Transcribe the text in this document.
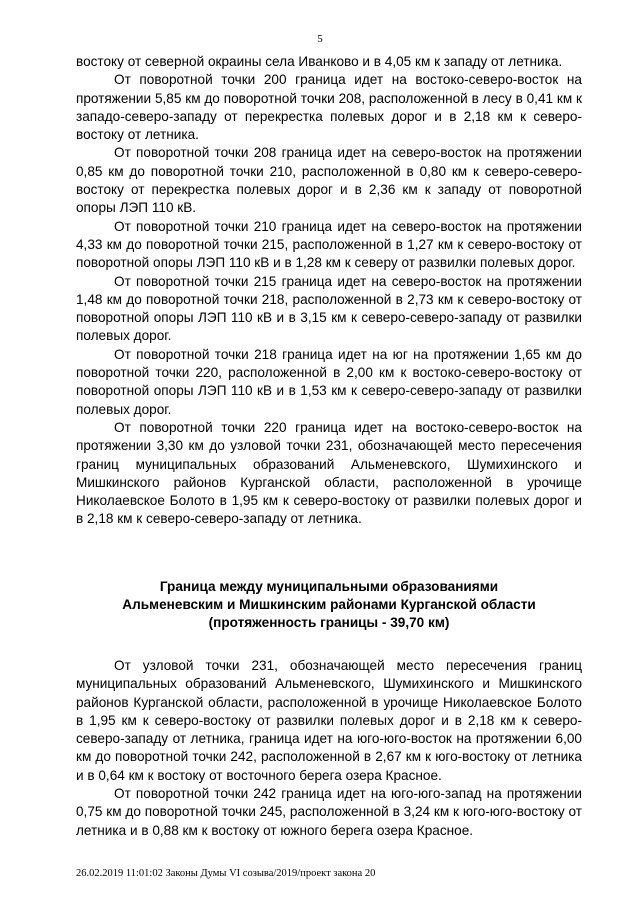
5

востоку от северной окраины села Иванково и в 4,05 км к западу от летника.

От поворотной точки 200 граница идет на востоко-северо-восток на протяжении 5,85 км до поворотной точки 208, расположенной в лесу в 0,41 км к западо-северо-западу от перекрестка полевых дорог и в 2,18 км к северо-востоку от летника.

От поворотной точки 208 граница идет на северо-восток на протяжении 0,85 км до поворотной точки 210, расположенной в 0,80 км к северо-северо-востоку от перекрестка полевых дорог и в 2,36 км к западу от поворотной опоры ЛЭП 110 кВ.

От поворотной точки 210 граница идет на северо-восток на протяжении 4,33 км до поворотной точки 215, расположенной в 1,27 км к северо-востоку от поворотной опоры ЛЭП 110 кВ и в 1,28 км к северу от развилки полевых дорог.

От поворотной точки 215 граница идет на северо-восток на протяжении 1,48 км до поворотной точки 218, расположенной в 2,73 км к северо-востоку от поворотной опоры ЛЭП 110 кВ и в 3,15 км к северо-северо-западу от развилки полевых дорог.

От поворотной точки 218 граница идет на юг на протяжении 1,65 км до поворотной точки 220, расположенной в 2,00 км к востоко-северо-востоку от поворотной опоры ЛЭП 110 кВ и в 1,53 км к северо-северо-западу от развилки полевых дорог.

От поворотной точки 220 граница идет на востоко-северо-восток на протяжении 3,30 км до узловой точки 231, обозначающей место пересечения границ муниципальных образований Альменевского, Шумихинского и Мишкинского районов Курганской области, расположенной в урочище Николаевское Болото в 1,95 км к северо-востоку от развилки полевых дорог и в 2,18 км к северо-северо-западу от летника.

Граница между муниципальными образованиями
Альменевским и Мишкинским районами Курганской области
(протяженность границы - 39,70 км)

От узловой точки 231, обозначающей место пересечения границ муниципальных образований Альменевского, Шумихинского и Мишкинского районов Курганской области, расположенной в урочище Николаевское Болото в 1,95 км к северо-востоку от развилки полевых дорог и в 2,18 км к северо-северо-западу от летника, граница идет на юго-юго-восток на протяжении 6,00 км до поворотной точки 242, расположенной в 2,67 км к юго-востоку от летника и в 0,64 км к востоку от восточного берега озера Красное.

От поворотной точки 242 граница идет на юго-юго-запад на протяжении 0,75 км до поворотной точки 245, расположенной в 3,24 км к юго-юго-востоку от летника и в 0,88 км к востоку от южного берега озера Красное.

26.02.2019 11:01:02 Законы Думы VI созыва/2019/проект закона 20
